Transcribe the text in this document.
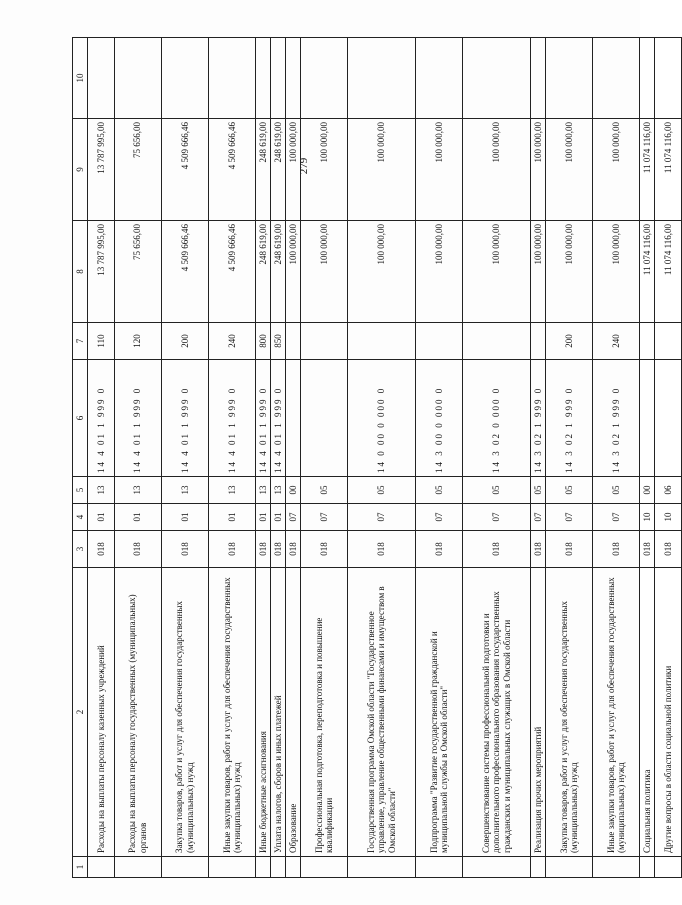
279
1	2	3	4	5	6	7	8	9	10
	Расходы на выплаты персоналу казенных учреждений	018	01	13	14 4 01 1 999 0	110	13 787 995,00	13 787 995,00	
	Расходы на выплаты персоналу государственных (муниципальных) органов	018	01	13	14 4 01 1 999 0	120	75 656,00	75 656,00	
	Закупка товаров, работ и услуг для обеспечения государственных (муниципальных) нужд	018	01	13	14 4 01 1 999 0	200	4 509 666,46	4 509 666,46	
	Иные закупки товаров, работ и услуг для обеспечения государственных (муниципальных) нужд	018	01	13	14 4 01 1 999 0	240	4 509 666,46	4 509 666,46	
	Иные бюджетные ассигнования	018	01	13	14 4 01 1 999 0	800	248 619,00	248 619,00	
	Уплата налогов, сборов и иных платежей	018	01	13	14 4 01 1 999 0	850	248 619,00	248 619,00	
	Образование	018	07	00			100 000,00	100 000,00	
	Профессиональная подготовка, переподготовка и повышение квалификации	018	07	05			100 000,00	100 000,00	
	Государственная программа Омской области "Государственное управление, управление общественными финансами и имуществом в Омской области"	018	07	05	14 0 00 0 000 0		100 000,00	100 000,00	
	Подпрограмма "Развитие государственной гражданской и муниципальной службы в Омской области"	018	07	05	14 3 00 0 000 0		100 000,00	100 000,00	
	Совершенствование системы профессиональной подготовки и дополнительного профессионального образования государственных гражданских и муниципальных служащих в Омской области	018	07	05	14 3 02 0 000 0		100 000,00	100 000,00	
	Реализация прочих мероприятий	018	07	05	14 3 02 1 999 0		100 000,00	100 000,00	
	Закупка товаров, работ и услуг для обеспечения государственных (муниципальных) нужд	018	07	05	14 3 02 1 999 0	200	100 000,00	100 000,00	
	Иные закупки товаров, работ и услуг для обеспечения государственных (муниципальных) нужд	018	07	05	14 3 02 1 999 0	240	100 000,00	100 000,00	
	Социальная политика	018	10	00			11 074 116,00	11 074 116,00	
	Другие вопросы в области социальной политики	018	10	06			11 074 116,00	11 074 116,00	
